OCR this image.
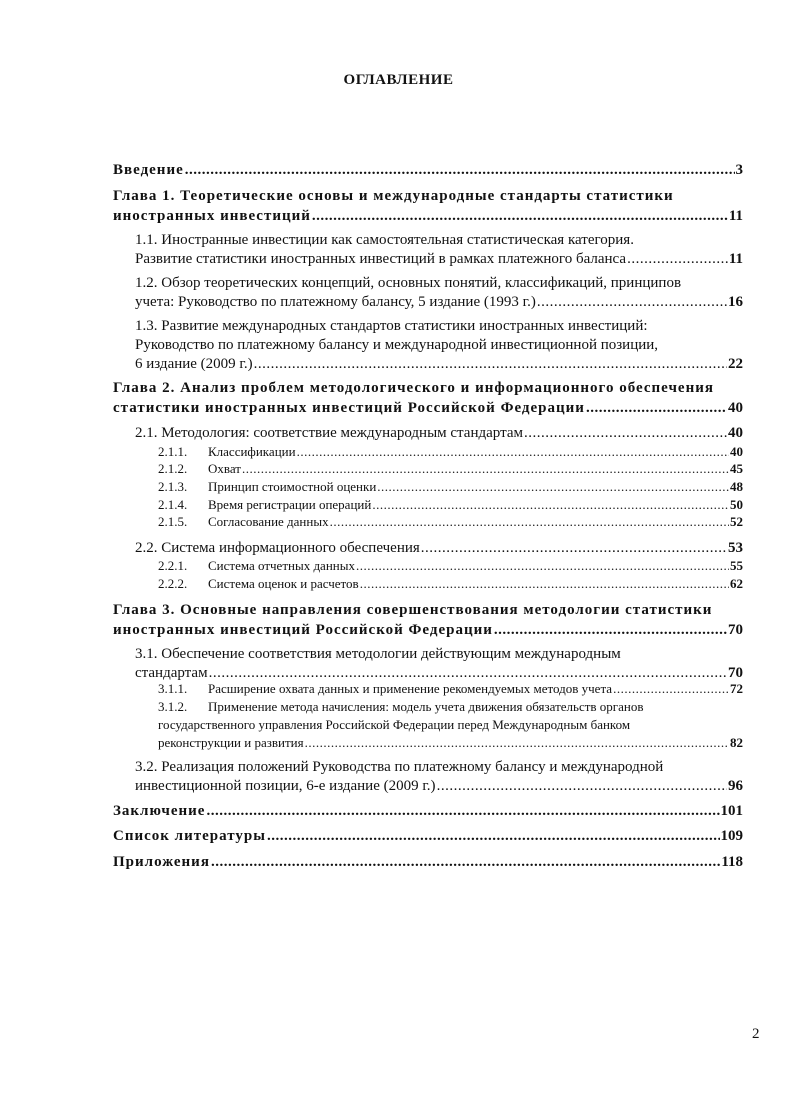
ОГЛАВЛЕНИЕ
Введение .....	3
Глава 1. Теоретические основы и международные стандарты статистики
иностранных инвестиций .....	11
1.1. Иностранные инвестиции как самостоятельная статистическая категория.
Развитие статистики иностранных инвестиций в рамках платежного баланса .....	11
1.2. Обзор теоретических концепций, основных понятий, классификаций, принципов
учета: Руководство по платежному балансу, 5 издание (1993 г.) .....	16
1.3. Развитие международных стандартов статистики иностранных инвестиций:
Руководство по платежному балансу и международной инвестиционной позиции,
6 издание (2009 г.) .....	22
Глава 2. Анализ проблем методологического и информационного обеспечения
статистики иностранных инвестиций Российской Федерации .....	40
2.1. Методология: соответствие международным стандартам .....	40
2.1.1.	Классификации .....	40
2.1.2.	Охват .....	45
2.1.3.	Принцип стоимостной оценки .....	48
2.1.4.	Время регистрации операций .....	50
2.1.5.	Согласование данных .....	52
2.2. Система информационного обеспечения .....	53
2.2.1.	Система отчетных данных .....	55
2.2.2.	Система оценок и расчетов .....	62
Глава 3. Основные направления совершенствования методологии статистики
иностранных инвестиций Российской Федерации .....	70
3.1. Обеспечение соответствия методологии действующим международным
стандартам .....	70
3.1.1.	Расширение охвата данных и применение рекомендуемых методов учета .....	72
3.1.2. Применение метода начисления: модель учета движения обязательств органов
государственного управления Российской Федерации перед Международным банком
реконструкции и развития .....	82
3.2. Реализация положений Руководства по платежному балансу и международной
инвестиционной позиции, 6-е издание (2009 г.) .....	96
Заключение .....	101
Список литературы .....	109
Приложения .....	118
2
